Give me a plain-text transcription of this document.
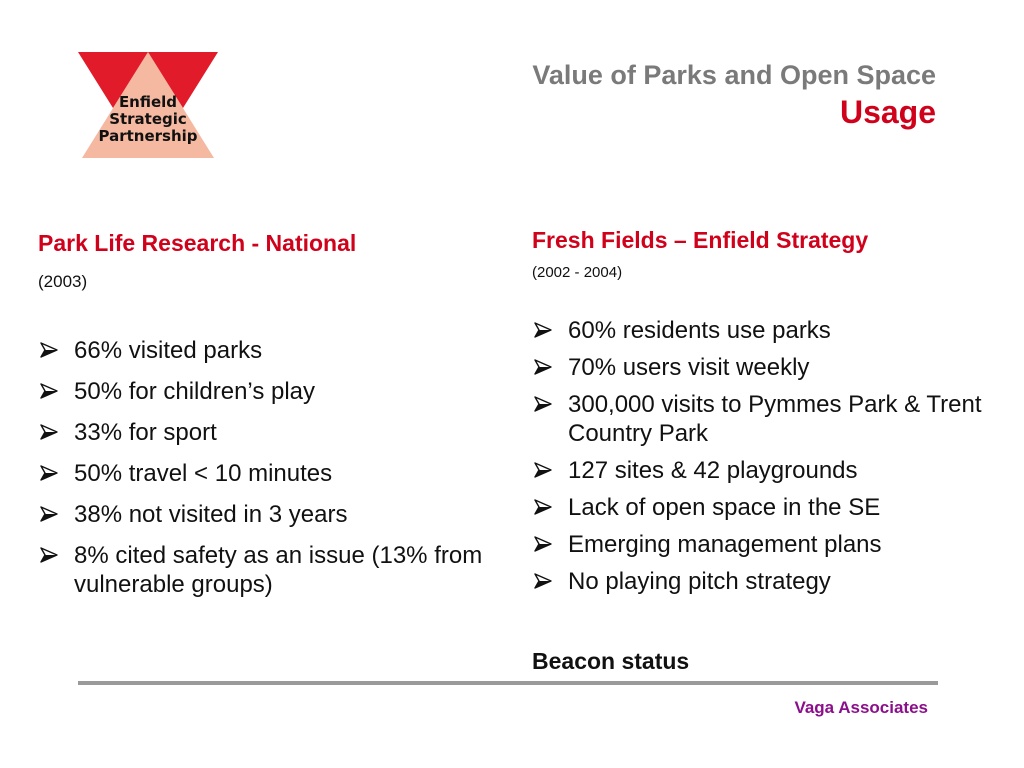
Enfield
Strategic
Partnership
Value of Parks and Open Space
Usage
Park Life Research - National
(2003)
66% visited parks
50% for children’s play
33% for sport
50% travel < 10 minutes
38% not visited in 3 years
8% cited safety as an issue (13% from vulnerable groups)
Fresh Fields – Enfield Strategy
(2002 - 2004)
60% residents use parks
70% users visit weekly
300,000 visits to Pymmes Park & Trent Country Park
127 sites & 42 playgrounds
Lack of open space in the SE
Emerging management plans
No playing pitch strategy
Beacon status
Vaga Associates
